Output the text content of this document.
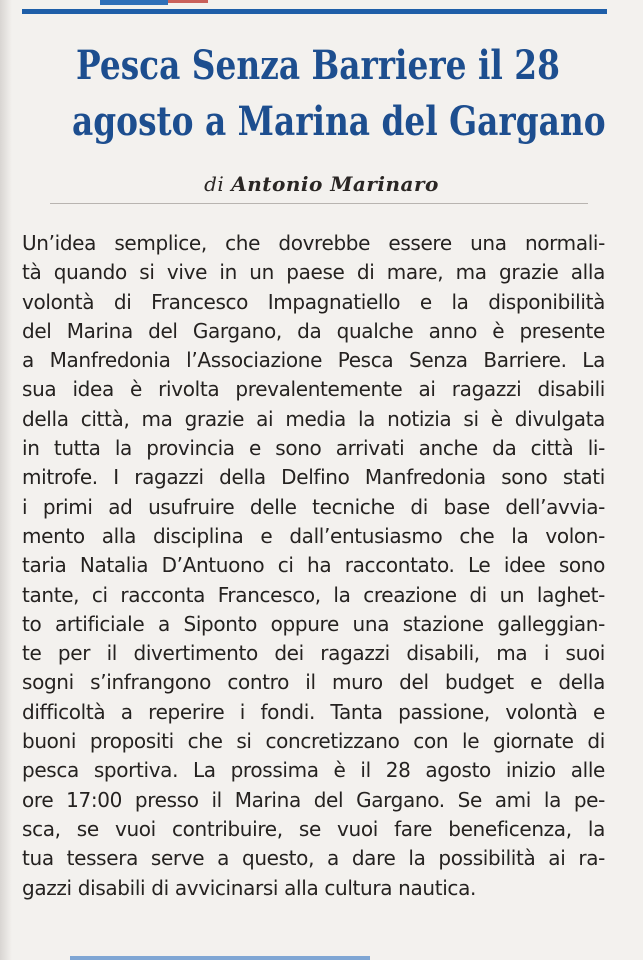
Pesca Senza Barriere il 28
agosto a Marina del Gargano
di Antonio Marinaro
Un’idea semplice, che dovrebbe essere una normali-
tà quando si vive in un paese di mare, ma grazie alla
volontà di Francesco Impagnatiello e la disponibilità
del Marina del Gargano, da qualche anno è presente
a Manfredonia l’Associazione Pesca Senza Barriere. La
sua idea è rivolta prevalentemente ai ragazzi disabili
della città, ma grazie ai media la notizia si è divulgata
in tutta la provincia e sono arrivati anche da città li-
mitrofe. I ragazzi della Delfino Manfredonia sono stati
i primi ad usufruire delle tecniche di base dell’avvia-
mento alla disciplina e dall’entusiasmo che la volon-
taria Natalia D’Antuono ci ha raccontato. Le idee sono
tante, ci racconta Francesco, la creazione di un laghet-
to artificiale a Siponto oppure una stazione galleggian-
te per il divertimento dei ragazzi disabili, ma i suoi
sogni s’infrangono contro il muro del budget e della
difficoltà a reperire i fondi. Tanta passione, volontà e
buoni propositi che si concretizzano con le giornate di
pesca sportiva. La prossima è il 28 agosto inizio alle
ore 17:00 presso il Marina del Gargano. Se ami la pe-
sca, se vuoi contribuire, se vuoi fare beneficenza, la
tua tessera serve a questo, a dare la possibilità ai ra-
gazzi disabili di avvicinarsi alla cultura nautica.
